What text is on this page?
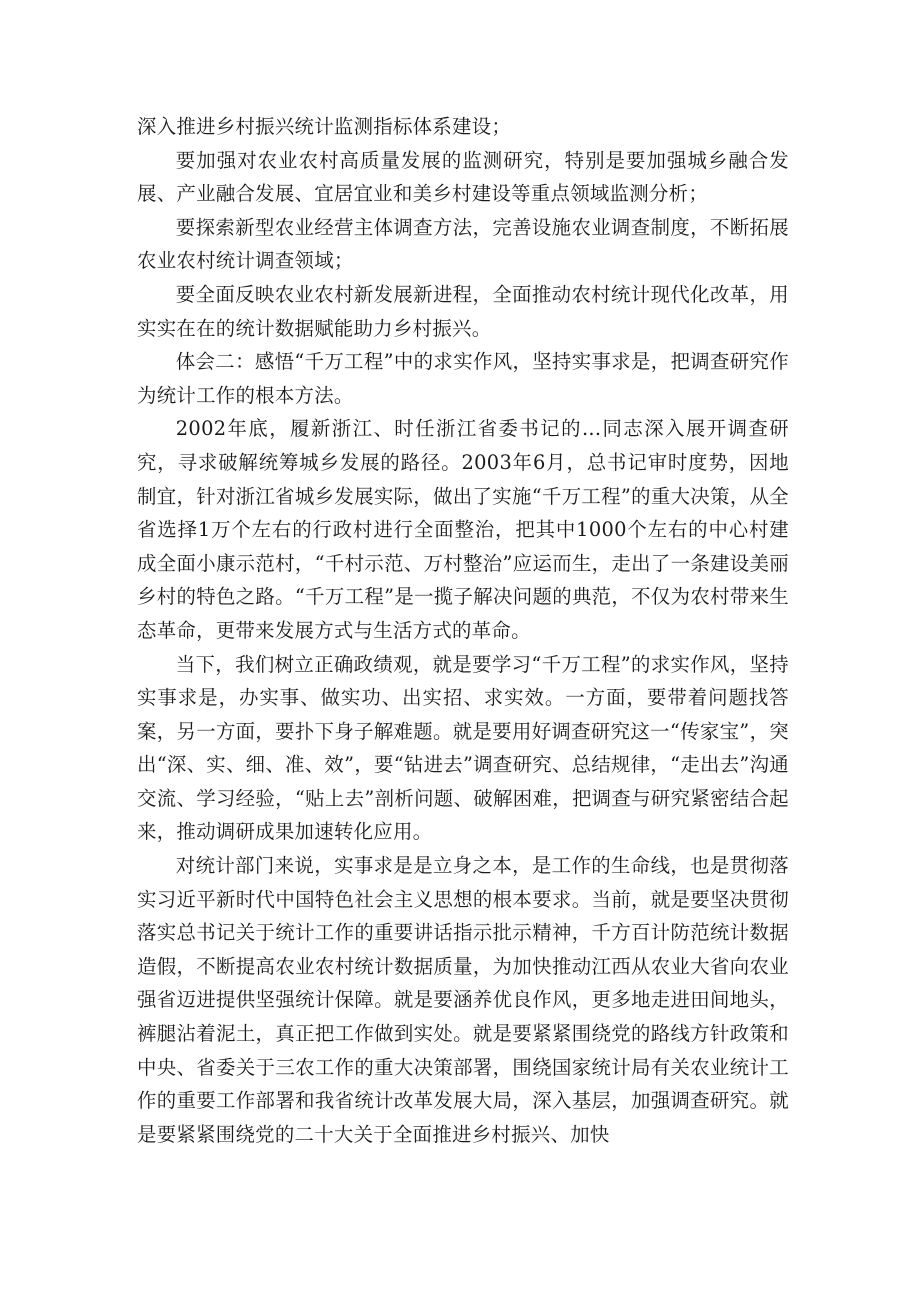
深入推进乡村振兴统计监测指标体系建设；

要加强对农业农村高质量发展的监测研究，特别是要加强城乡融合发展、产业融合发展、宜居宜业和美乡村建设等重点领域监测分析；

要探索新型农业经营主体调查方法，完善设施农业调查制度，不断拓展农业农村统计调查领域；

要全面反映农业农村新发展新进程，全面推动农村统计现代化改革，用实实在在的统计数据赋能助力乡村振兴。

体会二：感悟“千万工程”中的求实作风，坚持实事求是，把调查研究作为统计工作的根本方法。

2002年底，履新浙江、时任浙江省委书记的...同志深入展开调查研究，寻求破解统筹城乡发展的路径。2003年6月，总书记审时度势，因地制宜，针对浙江省城乡发展实际，做出了实施“千万工程”的重大决策，从全省选择1万个左右的行政村进行全面整治，把其中1000个左右的中心村建成全面小康示范村，“千村示范、万村整治”应运而生，走出了一条建设美丽乡村的特色之路。“千万工程”是一揽子解决问题的典范，不仅为农村带来生态革命，更带来发展方式与生活方式的革命。

当下，我们树立正确政绩观，就是要学习“千万工程”的求实作风，坚持实事求是，办实事、做实功、出实招、求实效。一方面，要带着问题找答案，另一方面，要扑下身子解难题。就是要用好调查研究这一“传家宝”，突出“深、实、细、准、效”，要“钻进去”调查研究、总结规律，“走出去”沟通交流、学习经验，“贴上去”剖析问题、破解困难，把调查与研究紧密结合起来，推动调研成果加速转化应用。

对统计部门来说，实事求是是立身之本，是工作的生命线，也是贯彻落实习近平新时代中国特色社会主义思想的根本要求。当前，就是要坚决贯彻落实总书记关于统计工作的重要讲话指示批示精神，千方百计防范统计数据造假，不断提高农业农村统计数据质量，为加快推动江西从农业大省向农业强省迈进提供坚强统计保障。就是要涵养优良作风，更多地走进田间地头，裤腿沾着泥土，真正把工作做到实处。就是要紧紧围绕党的路线方针政策和中央、省委关于三农工作的重大决策部署，围绕国家统计局有关农业统计工作的重要工作部署和我省统计改革发展大局，深入基层，加强调查研究。就是要紧紧围绕党的二十大关于全面推进乡村振兴、加快
